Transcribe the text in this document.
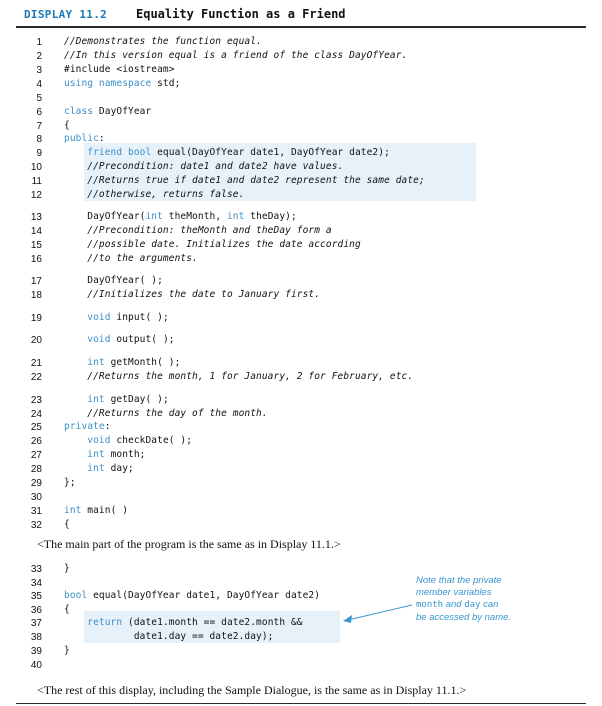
DISPLAY 11.2 Equality Function as a Friend
1 //Demonstrates the function equal.
2 //In this version equal is a friend of the class DayOfYear.
3 #include <iostream>
4 using namespace std;
5
6 class DayOfYear
7 {
8 public:
9	friend bool equal(DayOfYear date1, DayOfYear date2);
10 //Precondition: date1 and date2 have values.
11 //Returns true if date1 and date2 represent the same date;
12 //otherwise, returns false.
13 DayOfYear(int theMonth, int theDay);
14 //Precondition: theMonth and theDay form a
15 //possible date. Initializes the date according
16 //to the arguments.
17 DayOfYear( );
18 //Initializes the date to January first.
19	void input( );
20	void output( );
21	int getMonth( );
22 //Returns the month, 1 for January, 2 for February, etc.
23	int getDay( );
24 //Returns the day of the month.
25 private:
26	void checkDate( );
27	int month;
28	int day;
29 };
30
31 int main( )
32 {
33 }
34
35 bool equal(DayOfYear date1, DayOfYear date2)
36 {
37	return (date1.month == date2.month &&
38 date1.day == date2.day);
39 }
40
<The main part of the program is the same as in Display 11.1.>
<The rest of this display, including the Sample Dialogue, is the same as in Display 11.1.>
Note that the private
member variables
month and day can
be accessed by name.
